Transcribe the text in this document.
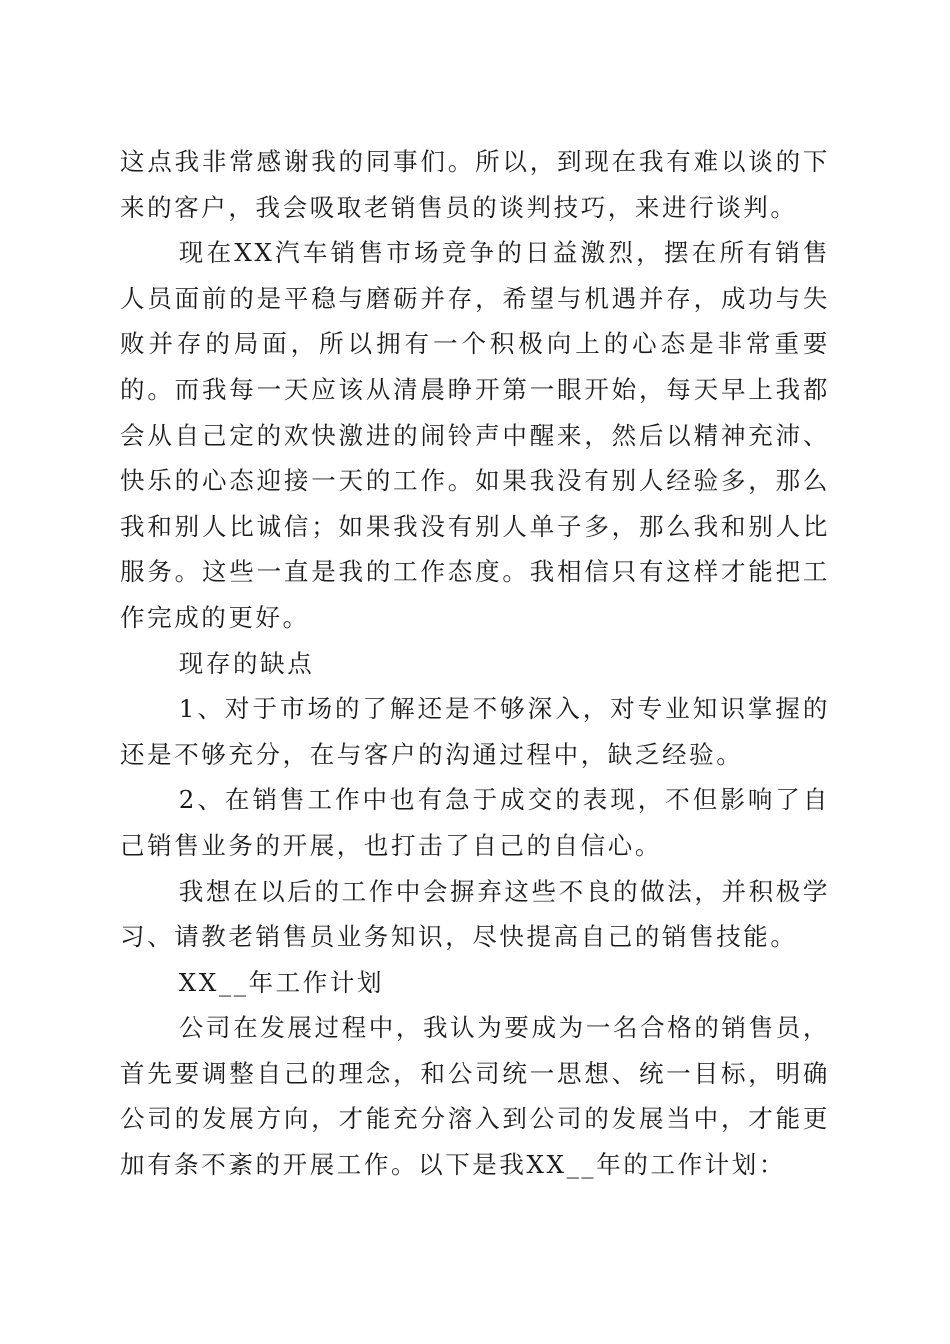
这点我非常感谢我的同事们。所以，到现在我有难以谈的下来的客户，我会吸取老销售员的谈判技巧，来进行谈判。

现在XX汽车销售市场竞争的日益激烈，摆在所有销售人员面前的是平稳与磨砺并存，希望与机遇并存，成功与失败并存的局面，所以拥有一个积极向上的心态是非常重要的。而我每一天应该从清晨睁开第一眼开始，每天早上我都会从自己定的欢快激进的闹铃声中醒来，然后以精神充沛、快乐的心态迎接一天的工作。如果我没有别人经验多，那么我和别人比诚信；如果我没有别人单子多，那么我和别人比服务。这些一直是我的工作态度。我相信只有这样才能把工作完成的更好。

现存的缺点

1、对于市场的了解还是不够深入，对专业知识掌握的还是不够充分，在与客户的沟通过程中，缺乏经验。

2、在销售工作中也有急于成交的表现，不但影响了自己销售业务的开展，也打击了自己的自信心。

我想在以后的工作中会摒弃这些不良的做法，并积极学习、请教老销售员业务知识，尽快提高自己的销售技能。

XX__年工作计划

公司在发展过程中，我认为要成为一名合格的销售员，首先要调整自己的理念，和公司统一思想、统一目标，明确公司的发展方向，才能充分溶入到公司的发展当中，才能更加有条不紊的开展工作。以下是我XX__年的工作计划：
